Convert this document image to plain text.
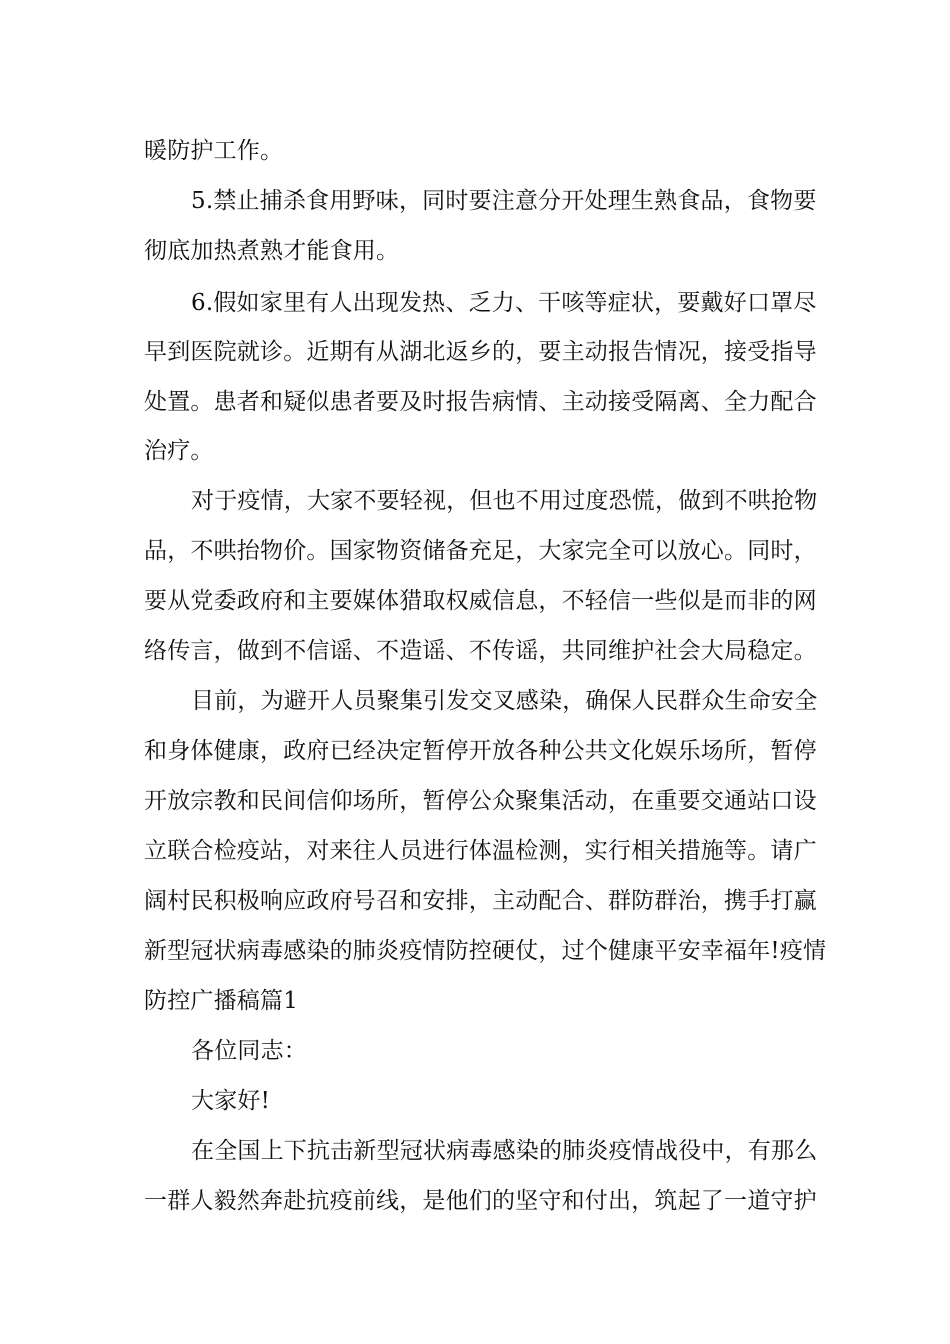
暖防护工作。
5.禁止捕杀食用野味，同时要注意分开处理生熟食品，食物要
彻底加热煮熟才能食用。
6.假如家里有人出现发热、乏力、干咳等症状，要戴好口罩尽
早到医院就诊。近期有从湖北返乡的，要主动报告情况，接受指导
处置。患者和疑似患者要及时报告病情、主动接受隔离、全力配合
治疗。
对于疫情，大家不要轻视，但也不用过度恐慌，做到不哄抢物
品，不哄抬物价。国家物资储备充足，大家完全可以放心。同时，
要从党委政府和主要媒体猎取权威信息，不轻信一些似是而非的网
络传言，做到不信谣、不造谣、不传谣，共同维护社会大局稳定。
目前，为避开人员聚集引发交叉感染，确保人民群众生命安全
和身体健康，政府已经决定暂停开放各种公共文化娱乐场所，暂停
开放宗教和民间信仰场所，暂停公众聚集活动，在重要交通站口设
立联合检疫站，对来往人员进行体温检测，实行相关措施等。请广
阔村民积极响应政府号召和安排，主动配合、群防群治，携手打赢
新型冠状病毒感染的肺炎疫情防控硬仗，过个健康平安幸福年!疫情
防控广播稿篇1
各位同志：
大家好!
在全国上下抗击新型冠状病毒感染的肺炎疫情战役中，有那么
一群人毅然奔赴抗疫前线，是他们的坚守和付出，筑起了一道守护
